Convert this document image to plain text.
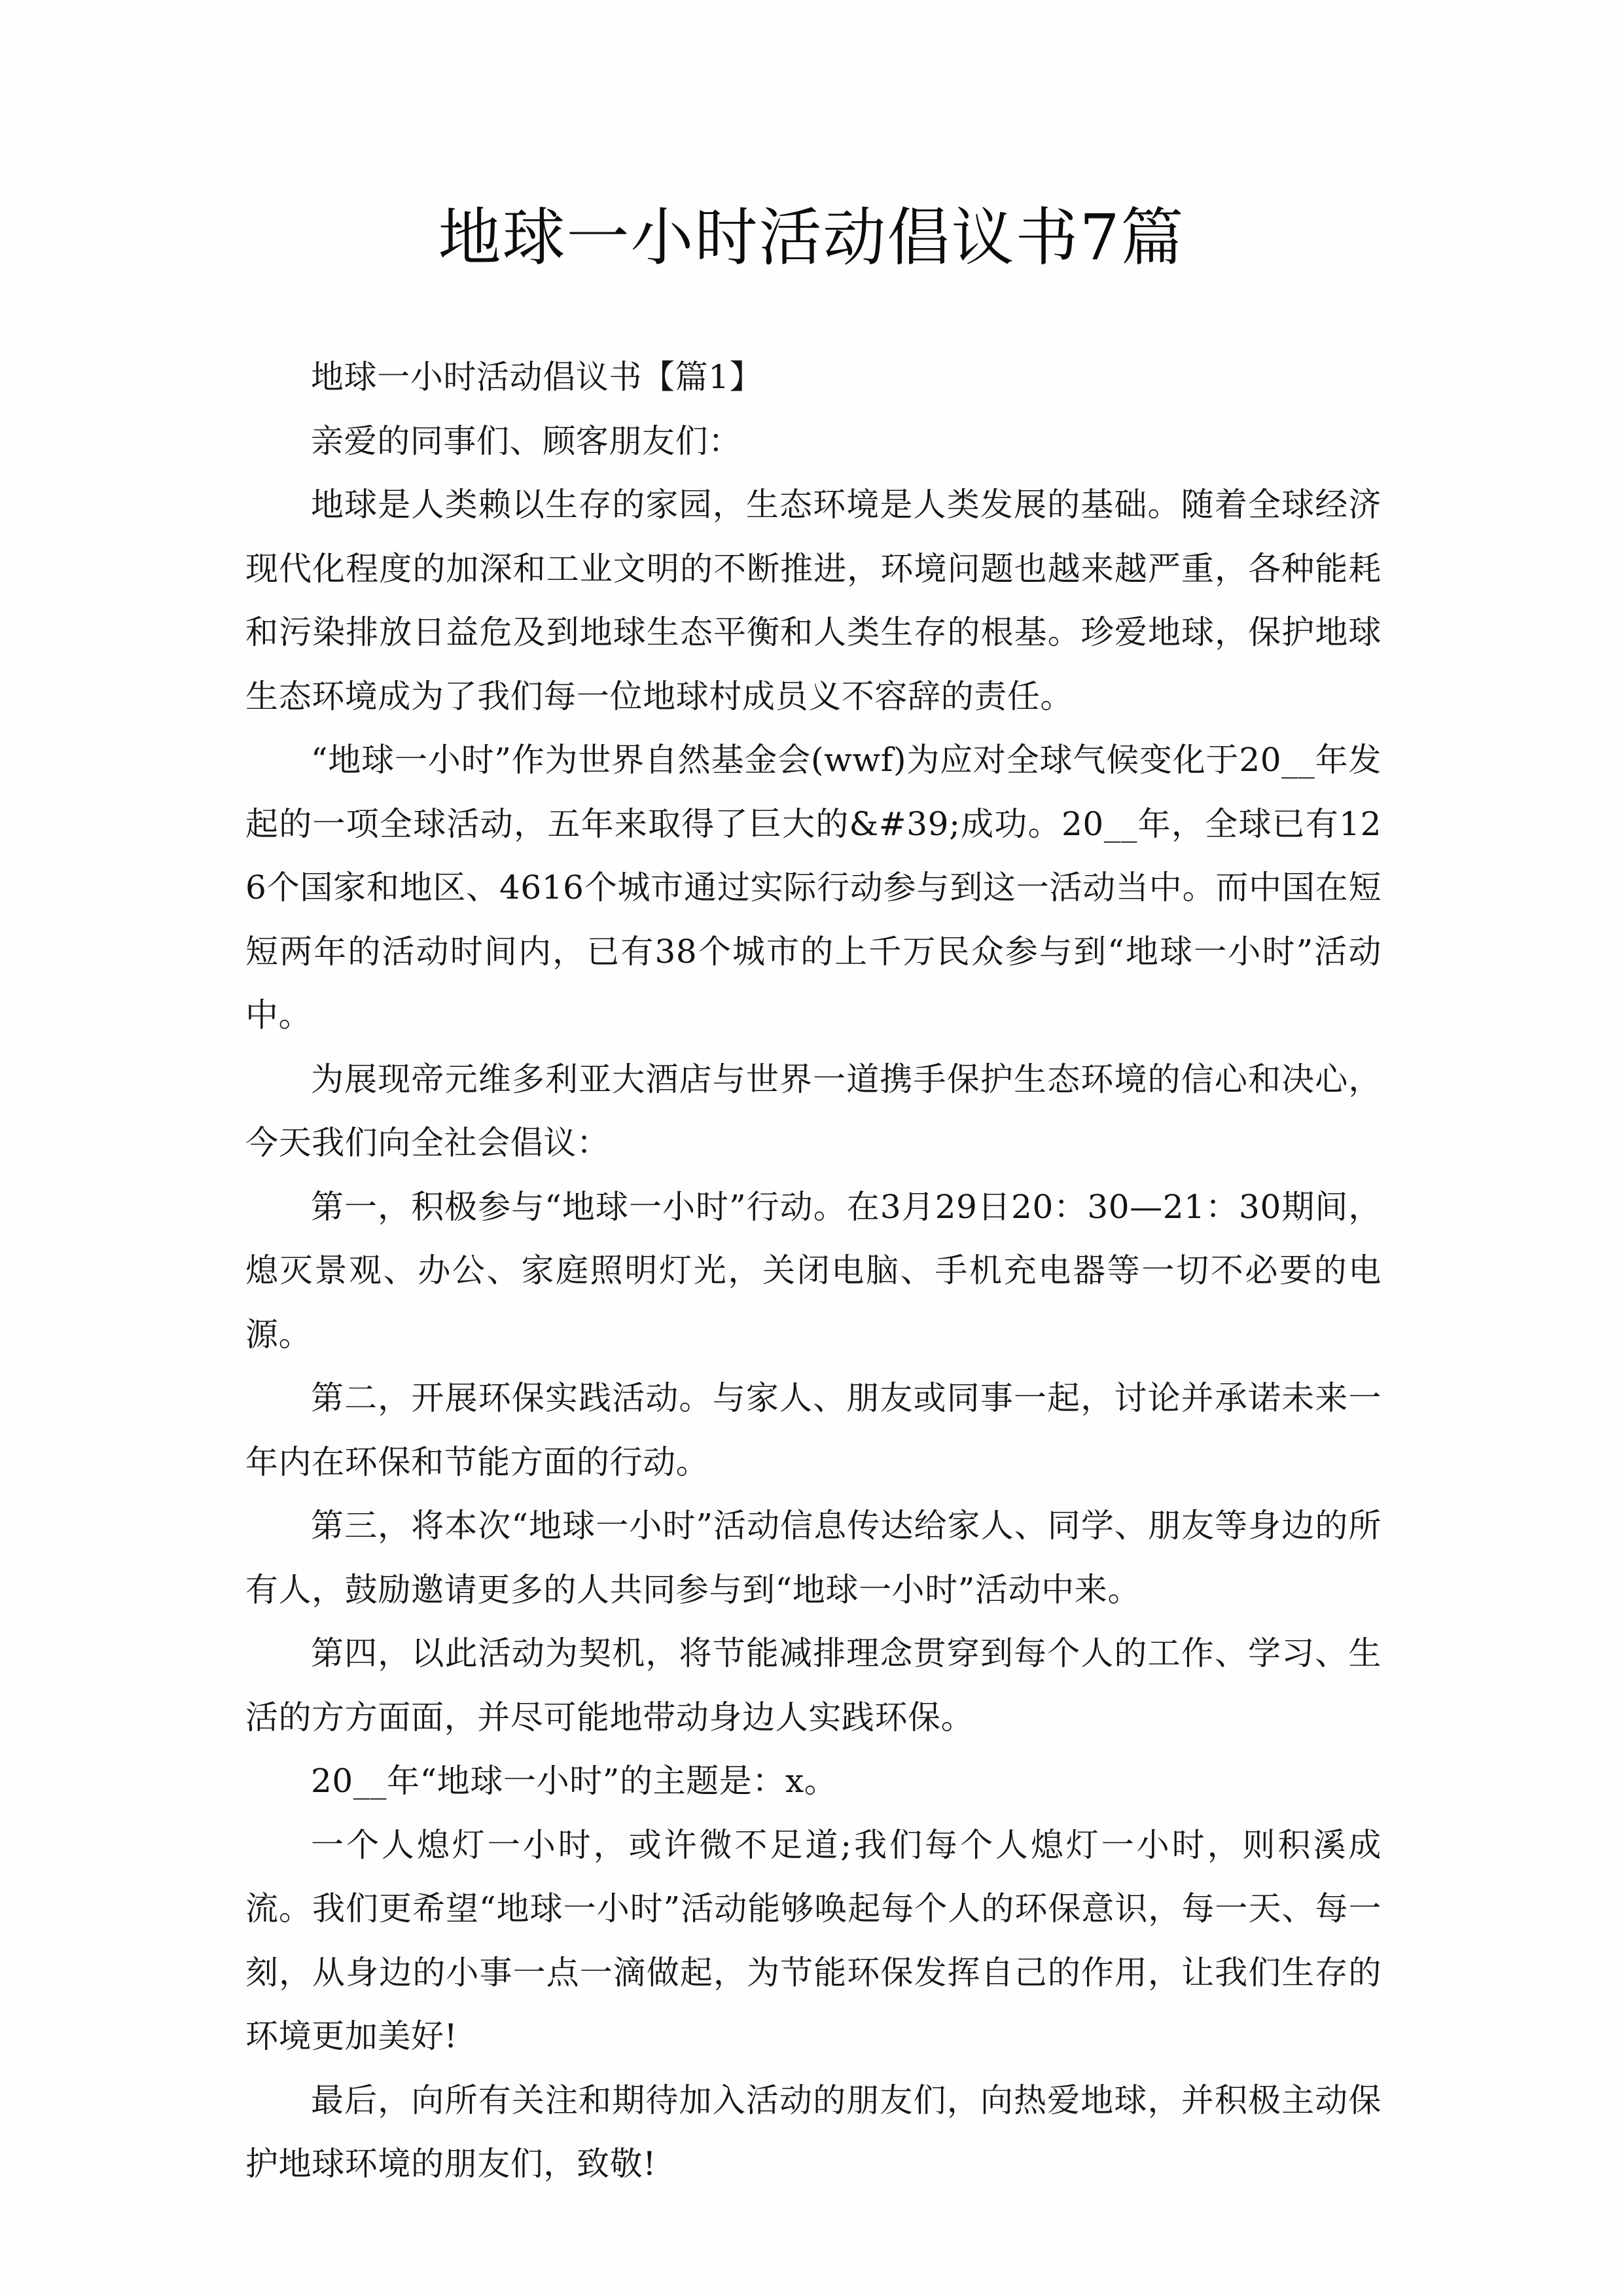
地球一小时活动倡议书7篇

地球一小时活动倡议书【篇1】

亲爱的同事们、顾客朋友们：

地球是人类赖以生存的家园，生态环境是人类发展的基础。随着全球经济现代化程度的加深和工业文明的不断推进，环境问题也越来越严重，各种能耗和污染排放日益危及到地球生态平衡和人类生存的根基。珍爱地球，保护地球生态环境成为了我们每一位地球村成员义不容辞的责任。

“地球一小时”作为世界自然基金会(wwf)为应对全球气候变化于20__年发起的一项全球活动，五年来取得了巨大的&#39;成功。20__年，全球已有126个国家和地区、4616个城市通过实际行动参与到这一活动当中。而中国在短短两年的活动时间内，已有38个城市的上千万民众参与到“地球一小时”活动中。

为展现帝元维多利亚大酒店与世界一道携手保护生态环境的信心和决心，今天我们向全社会倡议：

第一，积极参与“地球一小时”行动。在3月29日20：30—21：30期间，熄灭景观、办公、家庭照明灯光，关闭电脑、手机充电器等一切不必要的电源。

第二，开展环保实践活动。与家人、朋友或同事一起，讨论并承诺未来一年内在环保和节能方面的行动。

第三，将本次“地球一小时”活动信息传达给家人、同学、朋友等身边的所有人，鼓励邀请更多的人共同参与到“地球一小时”活动中来。

第四，以此活动为契机，将节能减排理念贯穿到每个人的工作、学习、生活的方方面面，并尽可能地带动身边人实践环保。

20__年“地球一小时”的主题是：x。

一个人熄灯一小时，或许微不足道;我们每个人熄灯一小时，则积溪成流。我们更希望“地球一小时”活动能够唤起每个人的环保意识，每一天、每一刻，从身边的小事一点一滴做起，为节能环保发挥自己的作用，让我们生存的环境更加美好!

最后，向所有关注和期待加入活动的朋友们，向热爱地球，并积极主动保护地球环境的朋友们，致敬!
